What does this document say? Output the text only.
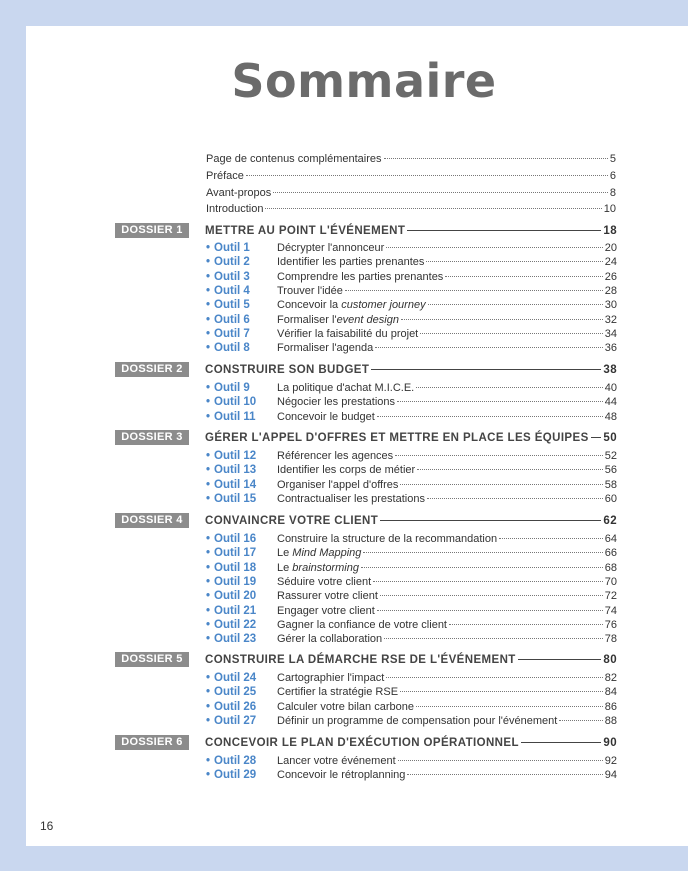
Sommaire
Page de contenus complémentaires	5
Préface	6
Avant-propos	8
Introduction	10
DOSSIER 1	METTRE AU POINT L'ÉVÉNEMENT	18
• Outil 1	Décrypter l'annonceur	20
• Outil 2	Identifier les parties prenantes	24
• Outil 3	Comprendre les parties prenantes	26
• Outil 4	Trouver l'idée	28
• Outil 5	Concevoir la customer journey	30
• Outil 6	Formaliser l'event design	32
• Outil 7	Vérifier la faisabilité du projet	34
• Outil 8	Formaliser l'agenda	36
DOSSIER 2	CONSTRUIRE SON BUDGET	38
• Outil 9	La politique d'achat M.I.C.E.	40
• Outil 10	Négocier les prestations	44
• Outil 11	Concevoir le budget	48
DOSSIER 3	GÉRER L'APPEL D'OFFRES ET METTRE EN PLACE LES ÉQUIPES 50
• Outil 12	Référencer les agences	52
• Outil 13	Identifier les corps de métier	56
• Outil 14	Organiser l'appel d'offres	58
• Outil 15	Contractualiser les prestations	60
DOSSIER 4	CONVAINCRE VOTRE CLIENT	62
• Outil 16	Construire la structure de la recommandation	64
• Outil 17	Le Mind Mapping	66
• Outil 18	Le brainstorming	68
• Outil 19	Séduire votre client	70
• Outil 20	Rassurer votre client	72
• Outil 21	Engager votre client	74
• Outil 22	Gagner la confiance de votre client	76
• Outil 23	Gérer la collaboration	78
DOSSIER 5	CONSTRUIRE LA DÉMARCHE RSE DE L'ÉVÉNEMENT	80
• Outil 24	Cartographier l'impact	82
• Outil 25	Certifier la stratégie RSE	84
• Outil 26	Calculer votre bilan carbone	86
• Outil 27	Définir un programme de compensation pour l'événement	88
DOSSIER 6	CONCEVOIR LE PLAN D'EXÉCUTION OPÉRATIONNEL	90
• Outil 28	Lancer votre événement	92
• Outil 29	Concevoir le rétroplanning	94
16
